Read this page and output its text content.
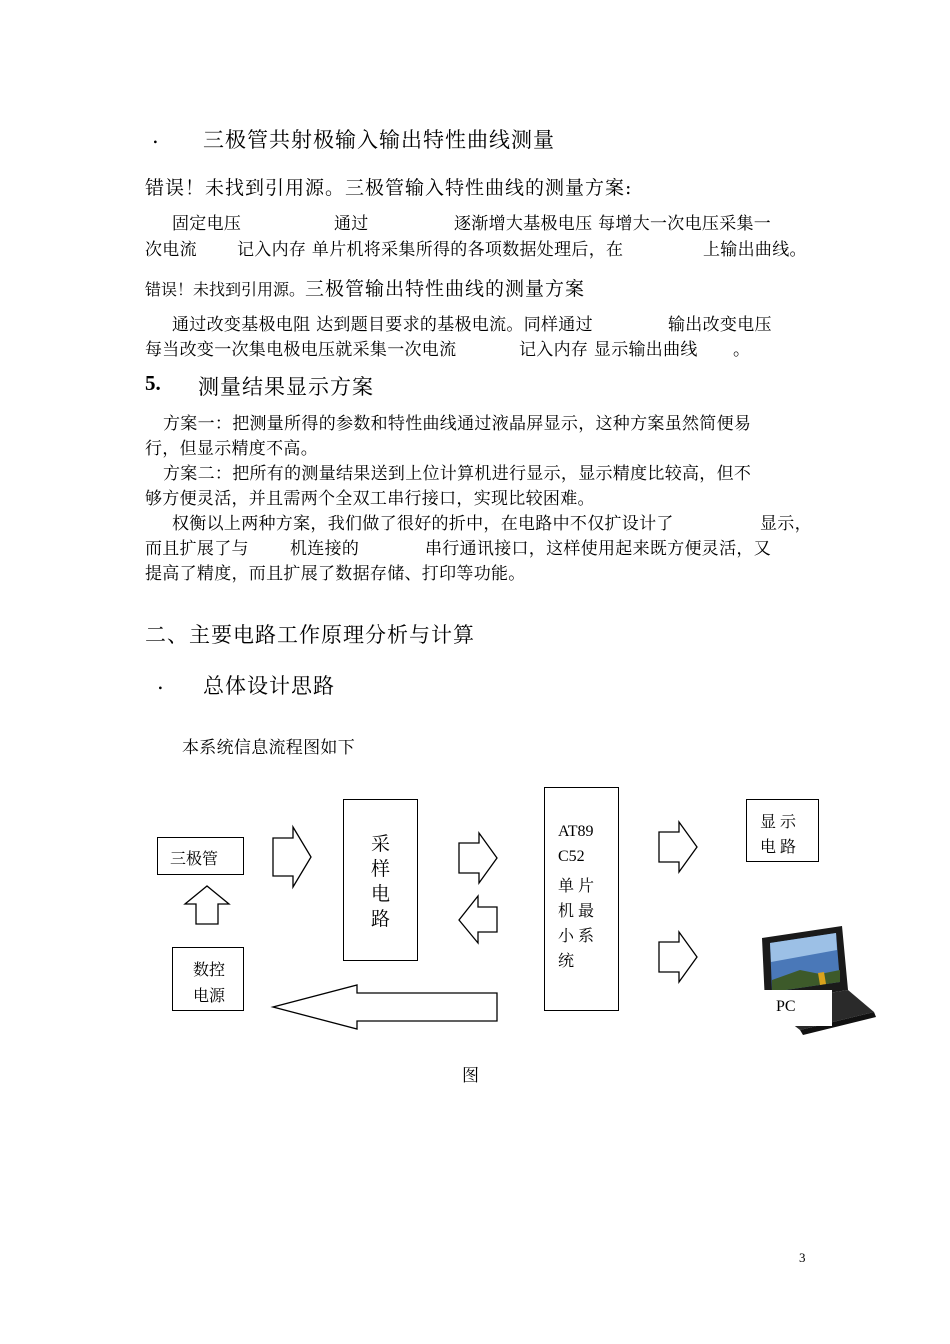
. 三极管共射极输入输出特性曲线测量
错误！未找到引用源。三极管输入特性曲线的测量方案:
固定电压	通过	逐渐增大基极电压 每增大一次电压采集一
次电流 记入内存 单片机将采集所得的各项数据处理后，在	上输出曲线。
错误！未找到引用源。三极管输出特性曲线的测量方案
通过改变基极电阻 达到题目要求的基极电流。同样通过	输出改变电压
每当改变一次集电极电压就采集一次电流	记入内存 显示输出曲线 。
5. 测量结果显示方案
方案一：把测量所得的参数和特性曲线通过液晶屏显示，这种方案虽然简便易
行，但显示精度不高。
方案二：把所有的测量结果送到上位计算机进行显示，显示精度比较高，但不
够方便灵活，并且需两个全双工串行接口，实现比较困难。
权衡以上两种方案，我们做了很好的折中，在电路中不仅扩设计了	显示，
而且扩展了与 机连接的	串行通讯接口，这样使用起来既方便灵活，又
提高了精度，而且扩展了数据存储、打印等功能。
二、主要电路工作原理分析与计算
. 总体设计思路
本系统信息流程图如下
三极管
数控
电源
采
样
电
路
AT89
C52
单 片
机 最
小 系
统
显 示
电 路
PC
图
3
